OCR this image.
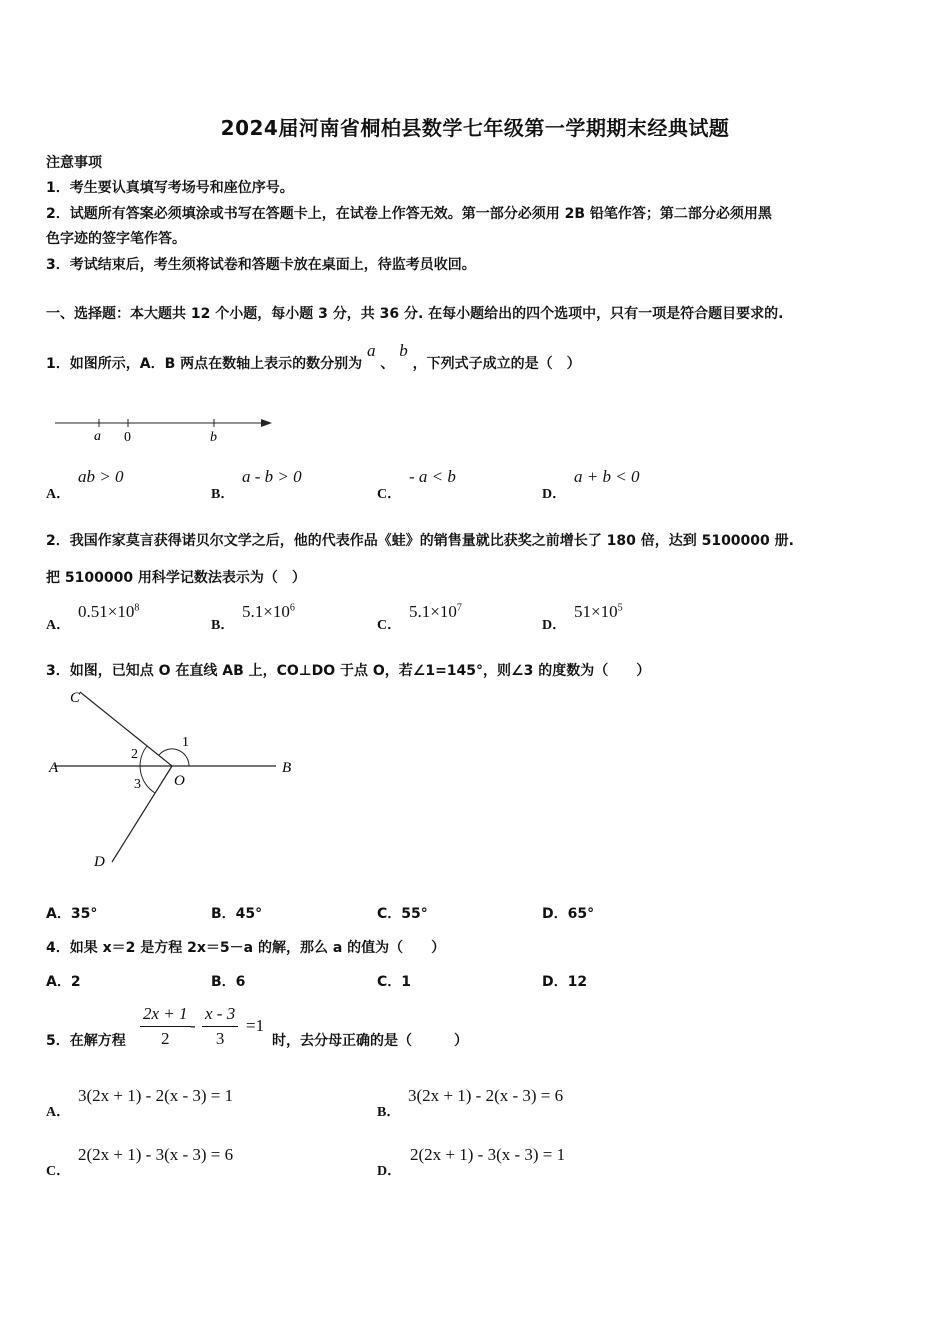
2024届河南省桐柏县数学七年级第一学期期末经典试题
注意事项
1．考生要认真填写考场号和座位序号。
2．试题所有答案必须填涂或书写在答题卡上，在试卷上作答无效。第一部分必须用 2B 铅笔作答；第二部分必须用黑
色字迹的签字笔作答。
3．考试结束后，考生须将试卷和答题卡放在桌面上，待监考员收回。
一、选择题：本大题共 12 个小题，每小题 3 分，共 36 分. 在每小题给出的四个选项中，只有一项是符合题目要求的.
1．如图所示，A．B 两点在数轴上表示的数分别为 a 、 b ，下列式子成立的是（　）
a 0	b
A．
ab > 0
B．
a - b > 0
C．
- a < b
D．
a + b < 0
2．我国作家莫言获得诺贝尔文学之后，他的代表作品《蛙》的销售量就比获奖之前增长了 180 倍，达到 5100000 册.
把 5100000 用科学记数法表示为（　）
A．
$0.51\times 10^8$
B．
$5.1\times 10^6$
C．
$5.1\times 10^7$
D．
$51\times 10^5$
3．如图，已知点 O 在直线 AB 上，CO⊥DO 于点 O，若∠1=145°，则∠3 的度数为（　　）
C
A	B
D
O
1
2
3
A．35°	B．45°	C．55°	D．65°
4．如果 x＝2 是方程 2x＝5－a 的解，那么 a 的值为（　　）
A．2	B．6	C．1	D．12
5．在解方程 $\frac{2x + 1}{2} - \frac{x - 3}{3} =1$
时，去分母正确的是（　　　）
A．
3(2x + 1) - 2(x - 3) = 1
B．
3(2x + 1) - 2(x - 3) = 6
C．
2(2x + 1) - 3(x - 3) = 6
D．
2(2x + 1) - 3(x - 3) = 1
